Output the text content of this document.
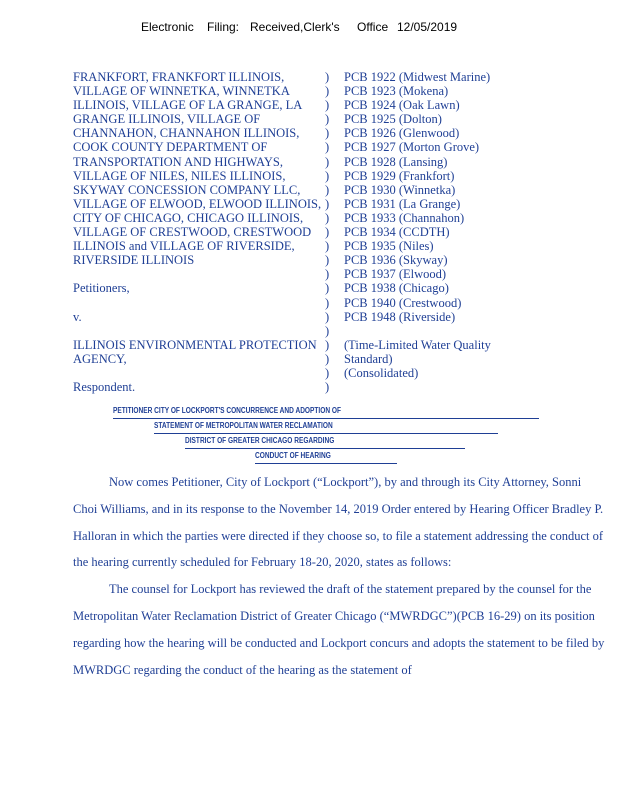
Electronic Filing: Received,Clerk's Office 12/05/2019
FRANKFORT, FRANKFORT ILLINOIS,	)	PCB 1922 (Midwest Marine)
VILLAGE OF WINNETKA, WINNETKA	)	PCB 1923 (Mokena)
ILLINOIS, VILLAGE OF LA GRANGE, LA	)	PCB 1924 (Oak Lawn)
GRANGE ILLINOIS, VILLAGE OF	)	PCB 1925 (Dolton)
CHANNAHON, CHANNAHON ILLINOIS,	)	PCB 1926 (Glenwood)
COOK COUNTY DEPARTMENT OF	)	PCB 1927 (Morton Grove)
TRANSPORTATION AND HIGHWAYS,	)	PCB 1928 (Lansing)
VILLAGE OF NILES, NILES ILLINOIS,	)	PCB 1929 (Frankfort)
SKYWAY CONCESSION COMPANY LLC,	)	PCB 1930 (Winnetka)
VILLAGE OF ELWOOD, ELWOOD ILLINOIS, )	PCB 1931 (La Grange)
CITY OF CHICAGO, CHICAGO ILLINOIS,	)	PCB 1933 (Channahon)
VILLAGE OF CRESTWOOD, CRESTWOOD	)	PCB 1934 (CCDTH)
ILLINOIS and VILLAGE OF RIVERSIDE,	)	PCB 1935 (Niles)
RIVERSIDE ILLINOIS	)	PCB 1936 (Skyway)
)	PCB 1937 (Elwood)
Petitioners,	)	PCB 1938 (Chicago)
)	PCB 1940 (Crestwood)
v.	)	PCB 1948 (Riverside)
)
ILLINOIS ENVIRONMENTAL PROTECTION )	(Time-Limited Water Quality
AGENCY,	)	Standard)
)	(Consolidated)
Respondent.	)
PETITIONER CITY OF LOCKPORT'S CONCURRENCE AND ADOPTION OF
STATEMENT OF METROPOLITAN WATER RECLAMATION
DISTRICT OF GREATER CHICAGO REGARDING
CONDUCT OF HEARING

Now comes Petitioner, City of Lockport (“Lockport”), by and through its City Attorney, Sonni Choi Williams, and in its response to the November 14, 2019 Order entered by Hearing Officer Bradley P. Halloran in which the parties were directed if they choose so, to file a statement addressing the conduct of the hearing currently scheduled for February 18-20, 2020, states as follows:

The counsel for Lockport has reviewed the draft of the statement prepared by the counsel for the Metropolitan Water Reclamation District of Greater Chicago (“MWRDGC”)(PCB 16-29) on its position regarding how the hearing will be conducted and Lockport concurs and adopts the statement to be filed by MWRDGC regarding the conduct of the hearing as the statement of
